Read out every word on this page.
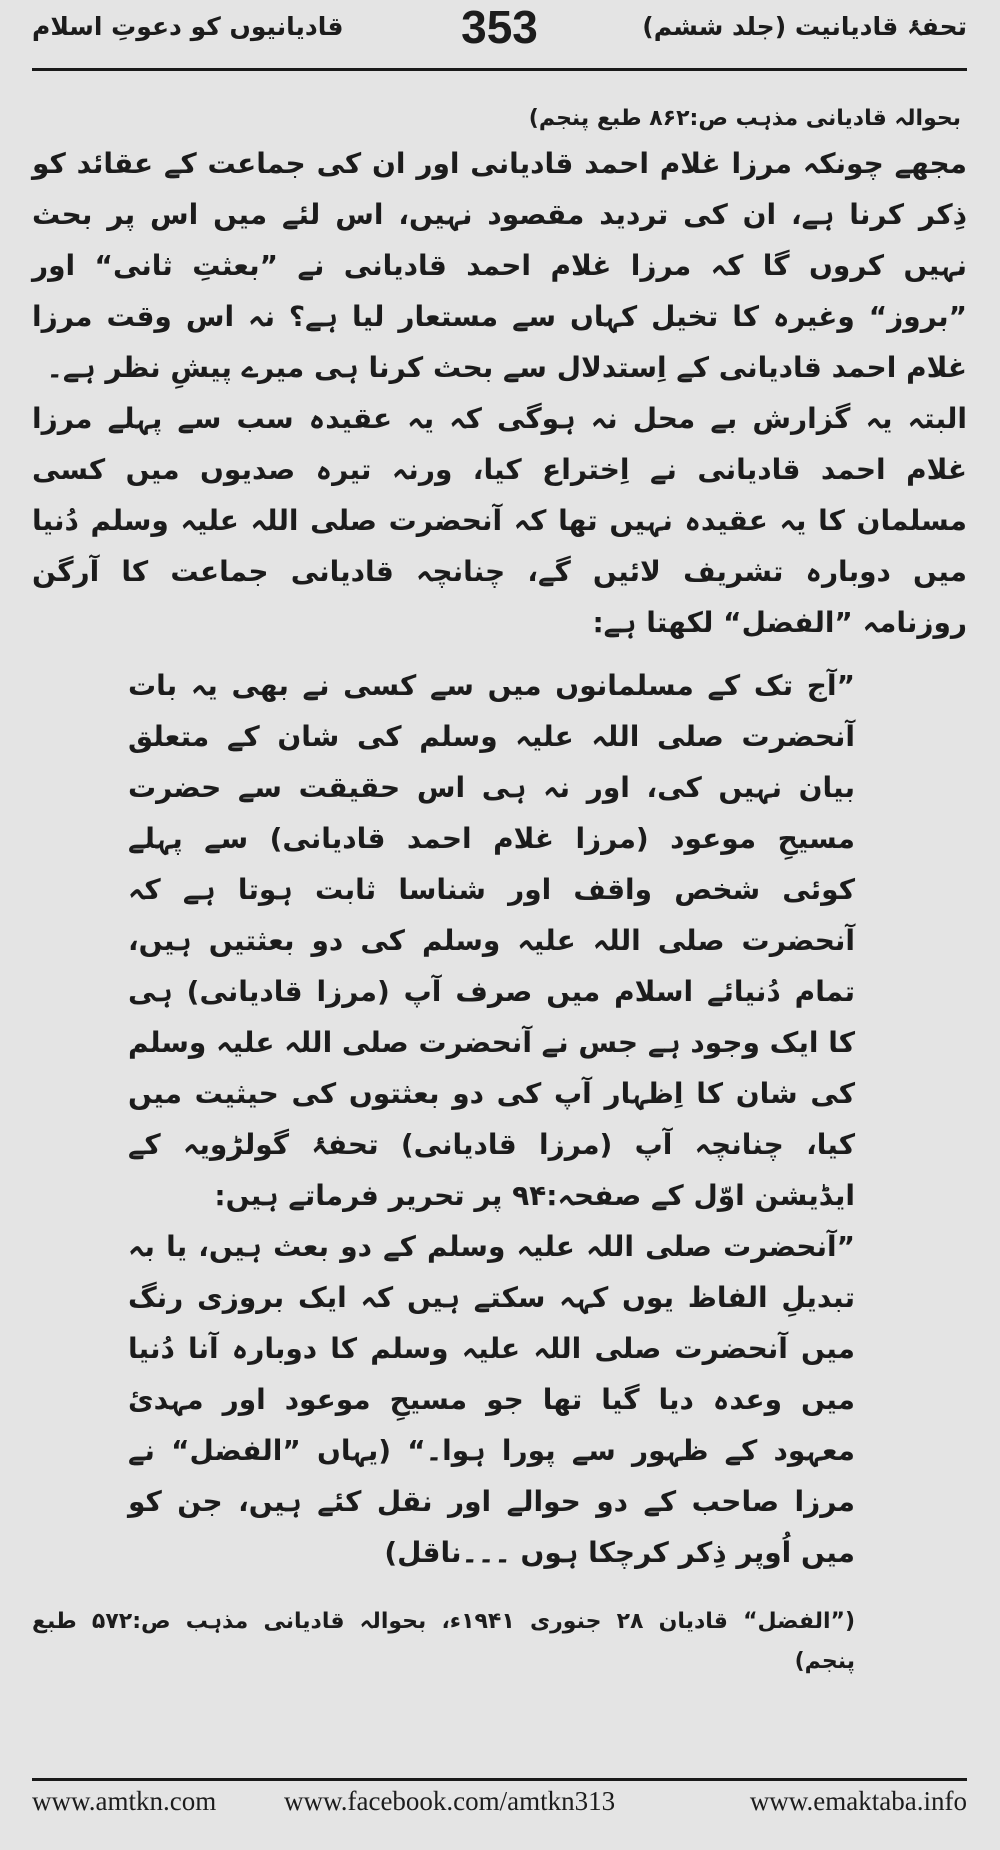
تحفۂ قادیانیت (جلد ششم)
353
قادیانیوں کو دعوتِ اسلام
بحوالہ قادیانی مذہب ص:۸۶۲ طبع پنجم)

مجھے چونکہ مرزا غلام احمد قادیانی اور ان کی جماعت کے عقائد کو ذِکر کرنا ہے، ان کی تردید مقصود نہیں، اس لئے میں اس پر بحث نہیں کروں گا کہ مرزا غلام احمد قادیانی نے ”بعثتِ ثانی“ اور ”بروز“ وغیرہ کا تخیل کہاں سے مستعار لیا ہے؟ نہ اس وقت مرزا غلام احمد قادیانی کے اِستدلال سے بحث کرنا ہی میرے پیشِ نظر ہے۔

البتہ یہ گزارش بے محل نہ ہوگی کہ یہ عقیدہ سب سے پہلے مرزا غلام احمد قادیانی نے اِختراع کیا، ورنہ تیرہ صدیوں میں کسی مسلمان کا یہ عقیدہ نہیں تھا کہ آنحضرت صلی اللہ علیہ وسلم دُنیا میں دوبارہ تشریف لائیں گے، چنانچہ قادیانی جماعت کا آرگن روزنامہ ”الفضل“ لکھتا ہے:

”آج تک کے مسلمانوں میں سے کسی نے بھی یہ بات آنحضرت صلی اللہ علیہ وسلم کی شان کے متعلق بیان نہیں کی، اور نہ ہی اس حقیقت سے حضرت مسیحِ موعود (مرزا غلام احمد قادیانی) سے پہلے کوئی شخص واقف اور شناسا ثابت ہوتا ہے کہ آنحضرت صلی اللہ علیہ وسلم کی دو بعثتیں ہیں، تمام دُنیائے اسلام میں صرف آپ (مرزا قادیانی) ہی کا ایک وجود ہے جس نے آنحضرت صلی اللہ علیہ وسلم کی شان کا اِظہار آپ کی دو بعثتوں کی حیثیت میں کیا، چنانچہ آپ (مرزا قادیانی) تحفۂ گولڑویہ کے ایڈیشن اوّل کے صفحہ:۹۴ پر تحریر فرماتے ہیں:
”آنحضرت صلی اللہ علیہ وسلم کے دو بعث ہیں، یا بہ تبدیلِ الفاظ یوں کہہ سکتے ہیں کہ ایک بروزی رنگ میں آنحضرت صلی اللہ علیہ وسلم کا دوبارہ آنا دُنیا میں وعدہ دیا گیا تھا جو مسیحِ موعود اور مہدیٔ معہود کے ظہور سے پورا ہوا۔“ (یہاں ”الفضل“ نے مرزا صاحب کے دو حوالے اور نقل کئے ہیں، جن کو میں اُوپر ذِکر کرچکا ہوں ۔۔۔ناقل)
(”الفضل“ قادیان ۲۸ جنوری ۱۹۴۱ء، بحوالہ قادیانی مذہب ص:۵۷۲ طبع پنجم)
www.amtkn.com	www.facebook.com/amtkn313	www.emaktaba.info
